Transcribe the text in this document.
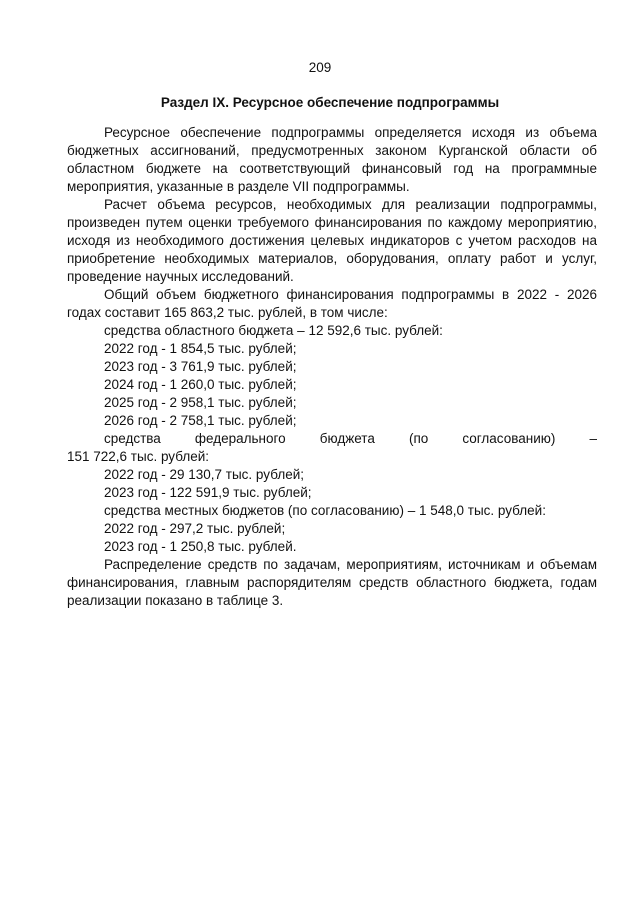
209
Раздел IX. Ресурсное обеспечение подпрограммы

Ресурсное обеспечение подпрограммы определяется исходя из объема бюджетных ассигнований, предусмотренных законом Курганской области об областном бюджете на соответствующий финансовый год на программные мероприятия, указанные в разделе VII подпрограммы.

Расчет объема ресурсов, необходимых для реализации подпрограммы, произведен путем оценки требуемого финансирования по каждому мероприятию, исходя из необходимого достижения целевых индикаторов с учетом расходов на приобретение необходимых материалов, оборудования, оплату работ и услуг, проведение научных исследований.

Общий объем бюджетного финансирования подпрограммы в 2022 - 2026 годах составит 165 863,2 тыс. рублей, в том числе:

средства областного бюджета – 12 592,6 тыс. рублей:

2022 год - 1 854,5 тыс. рублей;

2023 год - 3 761,9 тыс. рублей;

2024 год - 1 260,0 тыс. рублей;

2025 год - 2 958,1 тыс. рублей;

2026 год - 2 758,1 тыс. рублей;

средства федерального бюджета (по согласованию) –

151 722,6 тыс. рублей:

2022 год - 29 130,7 тыс. рублей;

2023 год - 122 591,9 тыс. рублей;

средства местных бюджетов (по согласованию) – 1 548,0 тыс. рублей:

2022 год - 297,2 тыс. рублей;

2023 год - 1 250,8 тыс. рублей.

Распределение средств по задачам, мероприятиям, источникам и объемам финансирования, главным распорядителям средств областного бюджета, годам реализации показано в таблице 3.
